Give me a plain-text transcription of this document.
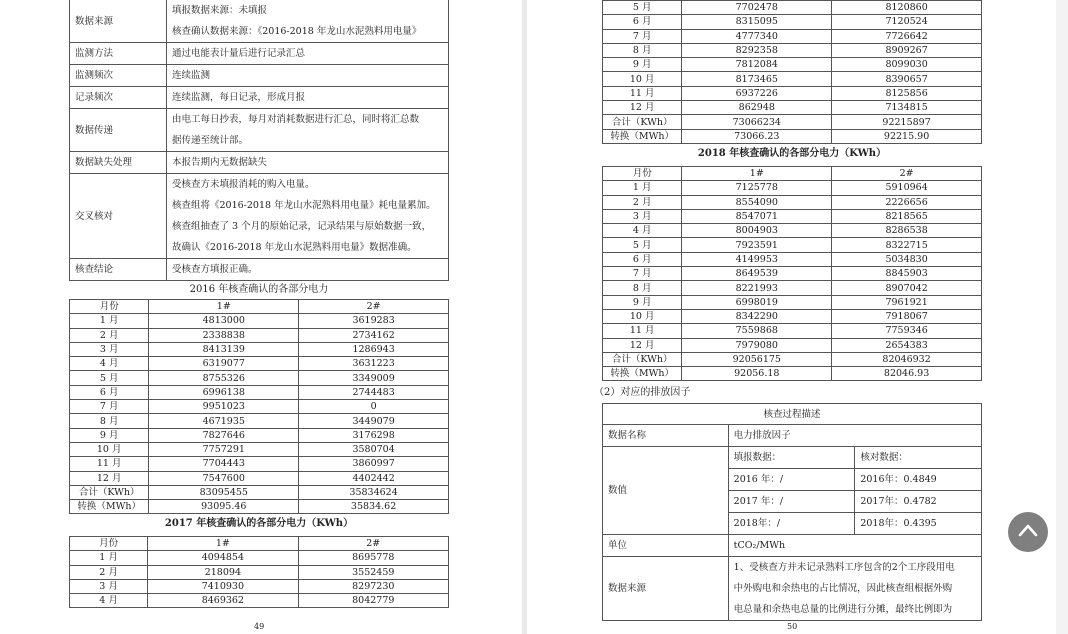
数据来源	填报数据来源：未填报
核查确认数据来源：《2016-2018 年龙山水泥熟料用电量》

监测方法	通过电能表计量后进行记录汇总

监测频次	连续监测

记录频次	连续监测，每日记录，形成月报

数据传递	由电工每日抄表，每月对消耗数据进行汇总，同时将汇总数
据传递至统计部。

数据缺失处理	本报告期内无数据缺失

交叉核对	受核查方未填报消耗的购入电量。
核查组将《2016-2018 年龙山水泥熟料用电量》耗电量累加。
核查组抽查了 3 个月的原始记录，记录结果与原始数据一致，
故确认《2016-2018 年龙山水泥熟料用电量》数据准确。

核查结论	受核查方填报正确。
2016 年核查确认的各部分电力
月份	1#	2#
1 月	4813000	3619283
2 月	2338838	2734162
3 月	8413139	1286943
4 月	6319077	3631223
5 月	8755326	3349009
6 月	6996138	2744483
7 月	9951023	0
8 月	4671935	3449079
9 月	7827646	3176298
10 月	7757291	3580704
11 月	7704443	3860997
12 月	7547600	4402442
合计（KWh）	83095455	35834624
转换（MWh）	93095.46	35834.62
2017 年核查确认的各部分电力（KWh）
月份	1#	2#
1 月	4094854	8695778
2 月	218094	3552459
3 月	7410930	8297230
4 月	8469362	8042779
49
5 月	7702478	8120860
6 月	8315095	7120524
7 月	4777340	7726642
8 月	8292358	8909267
9 月	7812084	8099030
10 月	8173465	8390657
11 月	6937226	8125856
12 月	862948	7134815
合计（KWh）	73066234	92215897
转换（MWh）	73066.23	92215.90
2018 年核查确认的各部分电力（KWh）
月份	1#	2#
1 月	7125778	5910964
2 月	8554090	2226656
3 月	8547071	8218565
4 月	8004903	8286538
5 月	7923591	8322715
6 月	4149953	5034830
7 月	8649539	8845903
8 月	8221993	8907042
9 月	6998019	7961921
10 月	8342290	7918067
11 月	7559868	7759346
12 月	7979080	2654383
合计（KWh）	92056175	82046932
转换（MWh）	92056.18	82046.93
（2）对应的排放因子
核查过程描述		
数据名称	电力排放因子	
数值	填报数据：	核对数据：
	2016 年：/	2016年：0.4849
	2017 年：/	2017年：0.4782
	2018年：/	2018年：0.4395
单位	tCO₂/MWh	
数据来源	1、受核查方并未记录熟料工序包含的2个工序段用电
中外购电和余热电的占比情况，因此核查组根据外购
电总量和余热电总量的比例进行分摊，最终比例即为	
50
